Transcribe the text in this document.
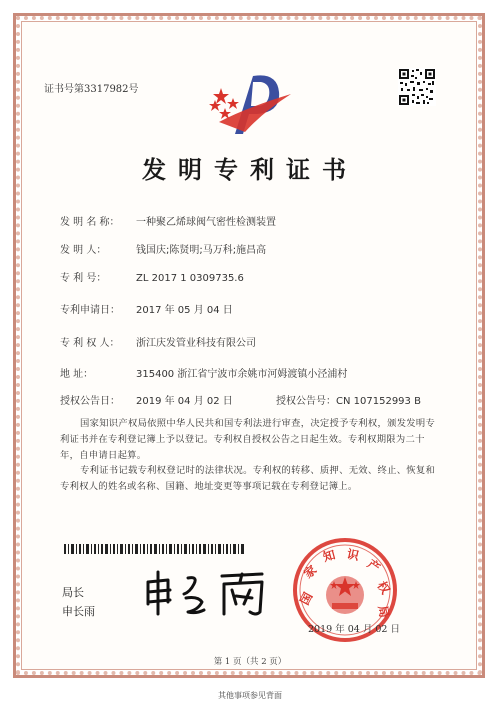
证书号第3317982号
发明专利证书
发 明 名 称： 一种聚乙烯球阀气密性检测装置
发 明 人：	钱国庆;陈贤明;马万科;施昌高
专 利 号：	ZL 2017 1 0309735.6
专利申请日： 2017 年 05 月 04 日
专 利 权 人： 浙江庆发管业科技有限公司
地 址：	315400 浙江省宁波市余姚市河姆渡镇小泾浦村
授权公告日： 2019 年 04 月 02 日	授权公告号：CN 107152993 B
国家知识产权局依照中华人民共和国专利法进行审查，决定授予专利权，颁发发明专利证书并在专利登记簿上予以登记。专利权自授权公告之日起生效。专利权期限为二十年，自申请日起算。
专利证书记载专利权登记时的法律状况。专利权的转移、质押、无效、终止、恢复和专利权人的姓名或名称、国籍、地址变更等事项记载在专利登记簿上。
局长
申长雨
国
家
知 识
产
权
局
2019 年 04 月 02 日
第 1 页（共 2 页）
其他事项参见背面
